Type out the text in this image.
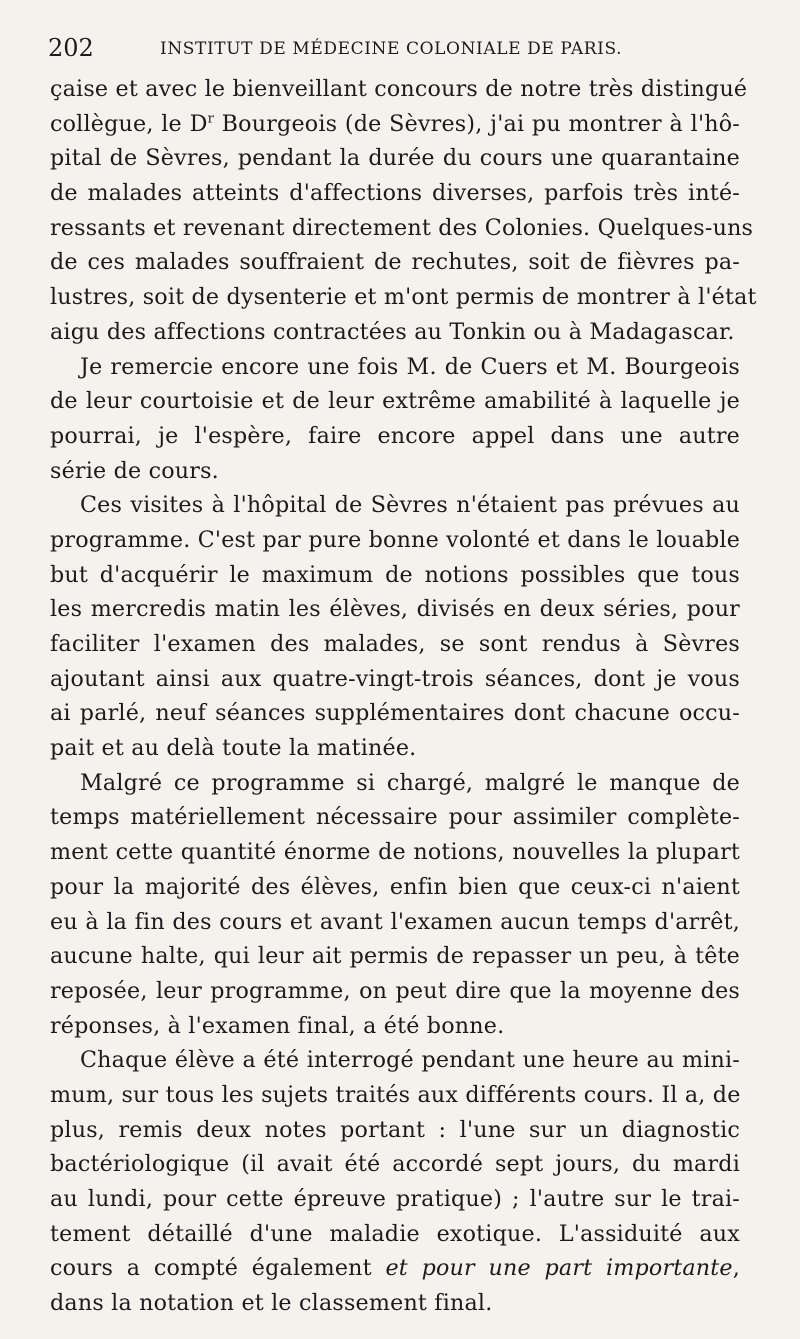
202	INSTITUT DE MÉDECINE COLONIALE DE PARIS.
çaise et avec le bienveillant concours de notre très distingué
collègue, le $D^r$ Bourgeois (de Sèvres), j'ai pu montrer à l'hô-
pital de Sèvres, pendant la durée du cours une quarantaine
de malades atteints d'affections diverses, parfois très inté-
ressants et revenant directement des Colonies. Quelques-uns
de ces malades souffraient de rechutes, soit de fièvres pa-
lustres, soit de dysenterie et m'ont permis de montrer à l'état
aigu des affections contractées au Tonkin ou à Madagascar.
Je remercie encore une fois M. de Cuers et M. Bourgeois
de leur courtoisie et de leur extrême amabilité à laquelle je
pourrai, je l'espère, faire encore appel dans une autre
série de cours.
Ces visites à l'hôpital de Sèvres n'étaient pas prévues au
programme. C'est par pure bonne volonté et dans le louable
but d'acquérir le maximum de notions possibles que tous
les mercredis matin les élèves, divisés en deux séries, pour
faciliter l'examen des malades, se sont rendus à Sèvres
ajoutant ainsi aux quatre-vingt-trois séances, dont je vous
ai parlé, neuf séances supplémentaires dont chacune occu-
pait et au delà toute la matinée.
Malgré ce programme si chargé, malgré le manque de
temps matériellement nécessaire pour assimiler complète-
ment cette quantité énorme de notions, nouvelles la plupart
pour la majorité des élèves, enfin bien que ceux-ci n'aient
eu à la fin des cours et avant l'examen aucun temps d'arrêt,
aucune halte, qui leur ait permis de repasser un peu, à tête
reposée, leur programme, on peut dire que la moyenne des
réponses, à l'examen final, a été bonne.
Chaque élève a été interrogé pendant une heure au mini-
mum, sur tous les sujets traités aux différents cours. Il a, de
plus, remis deux notes portant : l'une sur un diagnostic
bactériologique (il avait été accordé sept jours, du mardi
au lundi, pour cette épreuve pratique) ; l'autre sur le trai-
tement détaillé d'une maladie exotique. L'assiduité aux
cours a compté également et pour une part importante,
dans la notation et le classement final.
